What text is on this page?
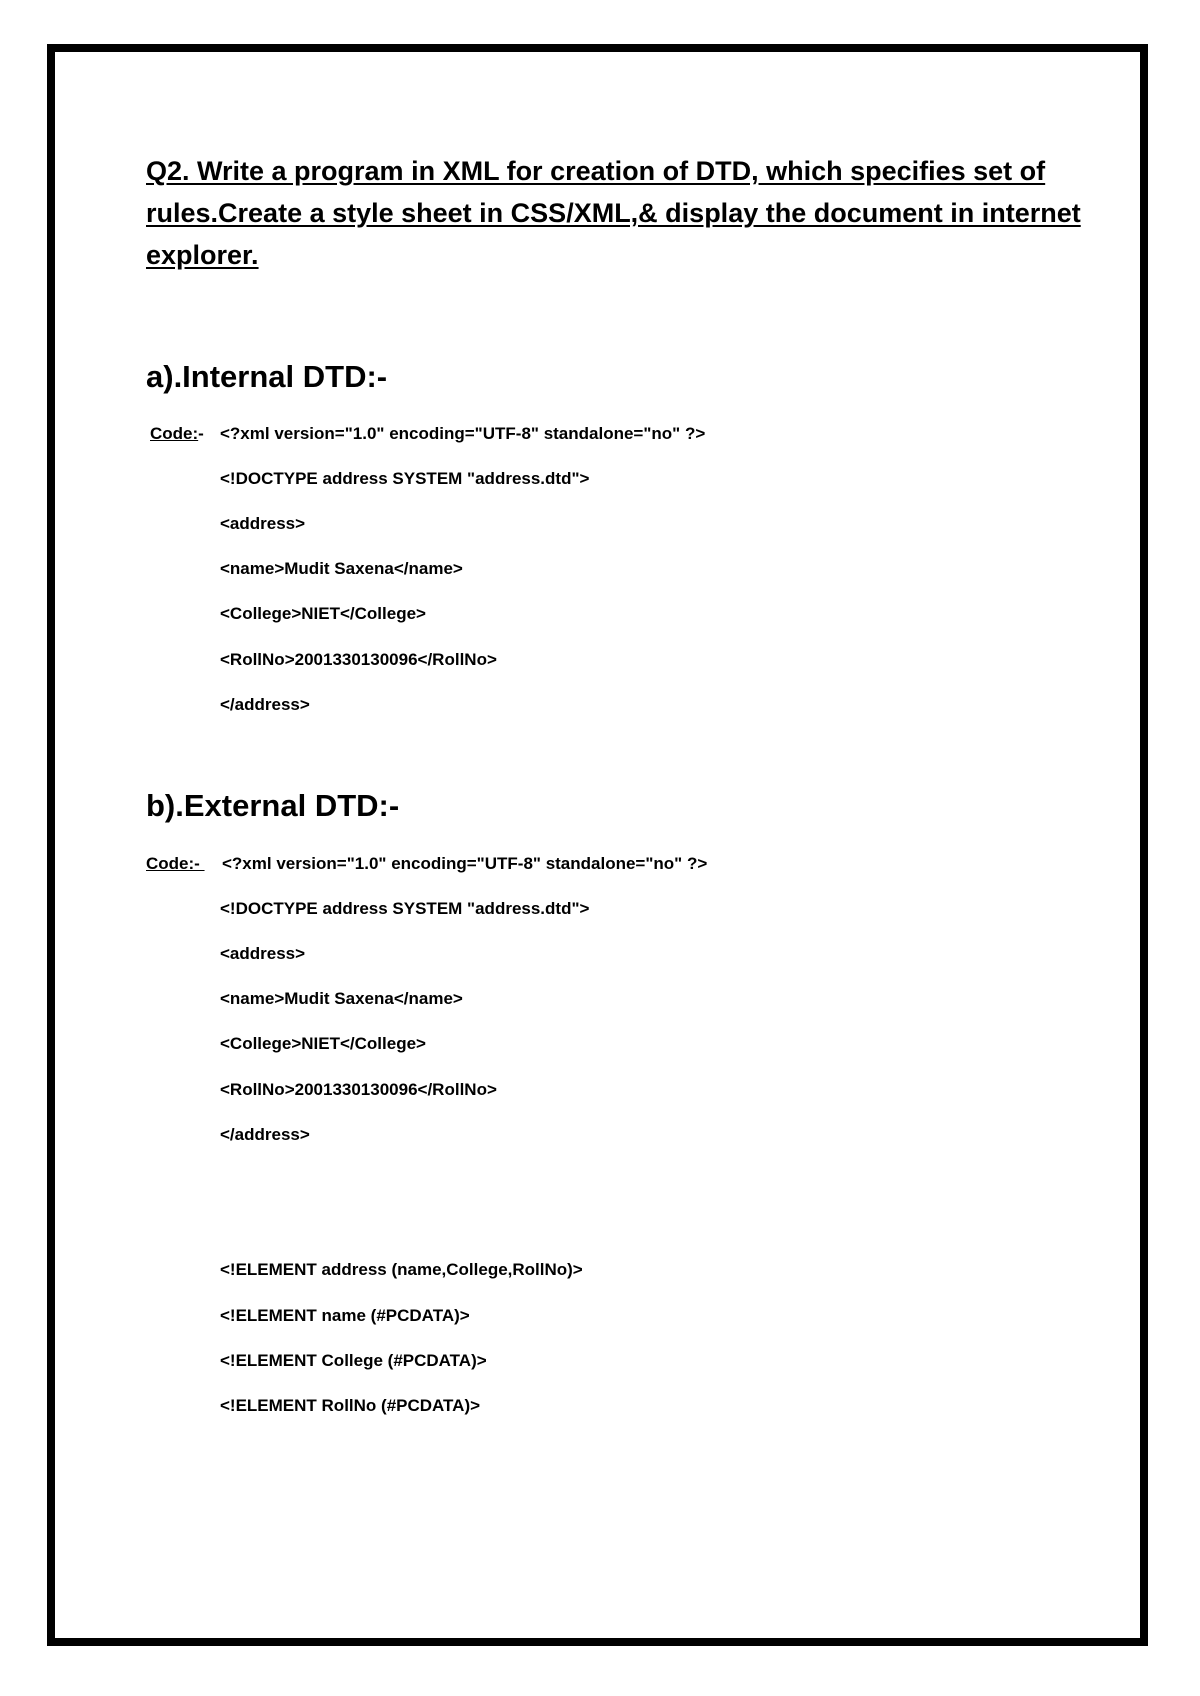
Q2. Write a program in XML for creation of DTD, which specifies set of rules.Create a style sheet in CSS/XML,& display the document in internet explorer.

a).Internal DTD:-
Code:- <?xml version="1.0" encoding="UTF-8" standalone="no" ?>

<!DOCTYPE address SYSTEM "address.dtd">

<address>

<name>Mudit Saxena</name>

<College>NIET</College>

<RollNo>2001330130096</RollNo>

</address>

b).External DTD:-
Code:- <?xml version="1.0" encoding="UTF-8" standalone="no" ?>

<!DOCTYPE address SYSTEM "address.dtd">

<address>

<name>Mudit Saxena</name>

<College>NIET</College>

<RollNo>2001330130096</RollNo>

</address>

<!ELEMENT address (name,College,RollNo)>

<!ELEMENT name (#PCDATA)>

<!ELEMENT College (#PCDATA)>

<!ELEMENT RollNo (#PCDATA)>
